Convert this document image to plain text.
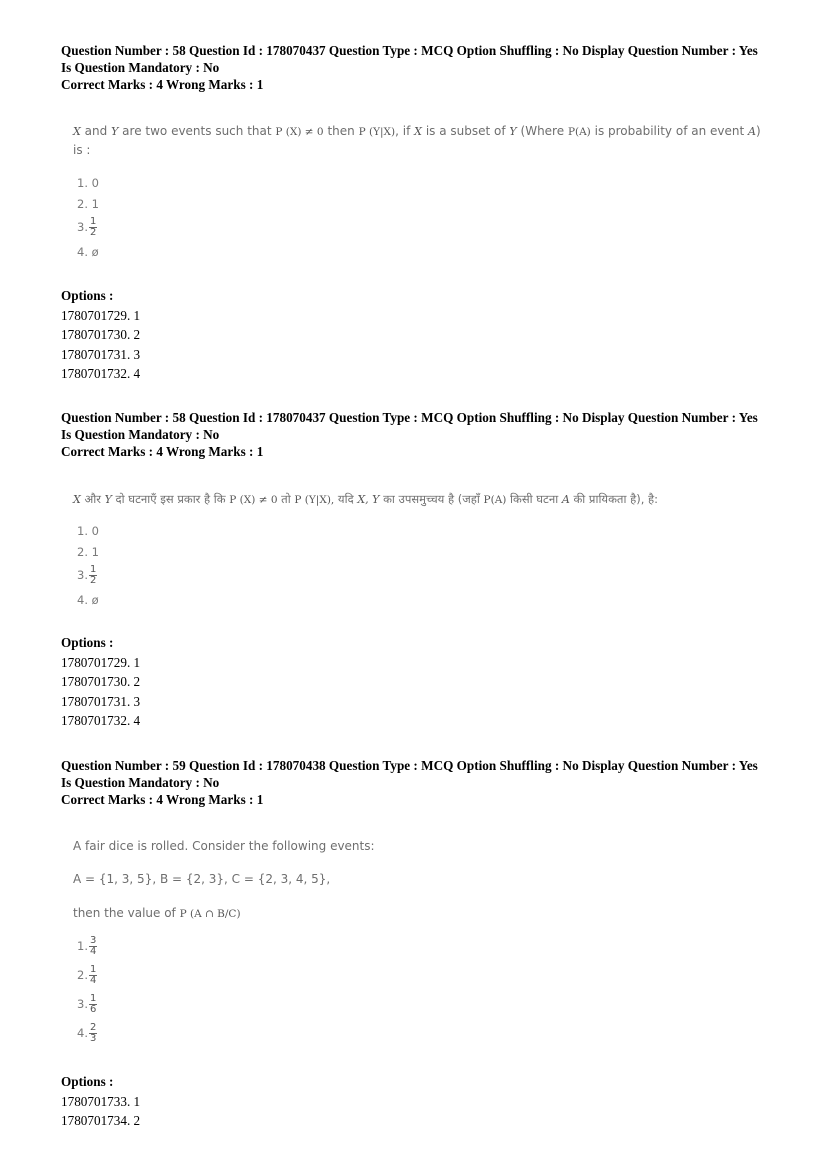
Question Number : 58 Question Id : 178070437 Question Type : MCQ Option Shuffling : No Display Question Number : Yes
Is Question Mandatory : No
Correct Marks : 4 Wrong Marks : 1
X and Y are two events such that P (X) ≠ 0 then P (Y|X), if X is a subset of Y (Where P(A) is probability of an event A)
is :
1. 0
2. 1
3. $\frac{1}{2}$
4. ø
Options :
1780701729. 1
1780701730. 2
1780701731. 3
1780701732. 4
Question Number : 58 Question Id : 178070437 Question Type : MCQ Option Shuffling : No Display Question Number : Yes
Is Question Mandatory : No
Correct Marks : 4 Wrong Marks : 1
X और Y दो घटनाएँ इस प्रकार है कि P (X) ≠ 0 तो P (Y|X), यदि X, Y का उपसमुच्चय है (जहाँ P(A) किसी घटना A की प्रायिकता है), है:
1. 0
2. 1
3. $\frac{1}{2}$
4. ø
Options :
1780701729. 1
1780701730. 2
1780701731. 3
1780701732. 4
Question Number : 59 Question Id : 178070438 Question Type : MCQ Option Shuffling : No Display Question Number : Yes
Is Question Mandatory : No
Correct Marks : 4 Wrong Marks : 1
A fair dice is rolled. Consider the following events:
A = {1, 3, 5}, B = {2, 3}, C = {2, 3, 4, 5},
then the value of P (A ∩ B/C)
1. $\frac{3}{4}$
2. $\frac{1}{4}$
3. $\frac{1}{6}$
4. $\frac{2}{3}$
Options :
1780701733. 1
1780701734. 2
